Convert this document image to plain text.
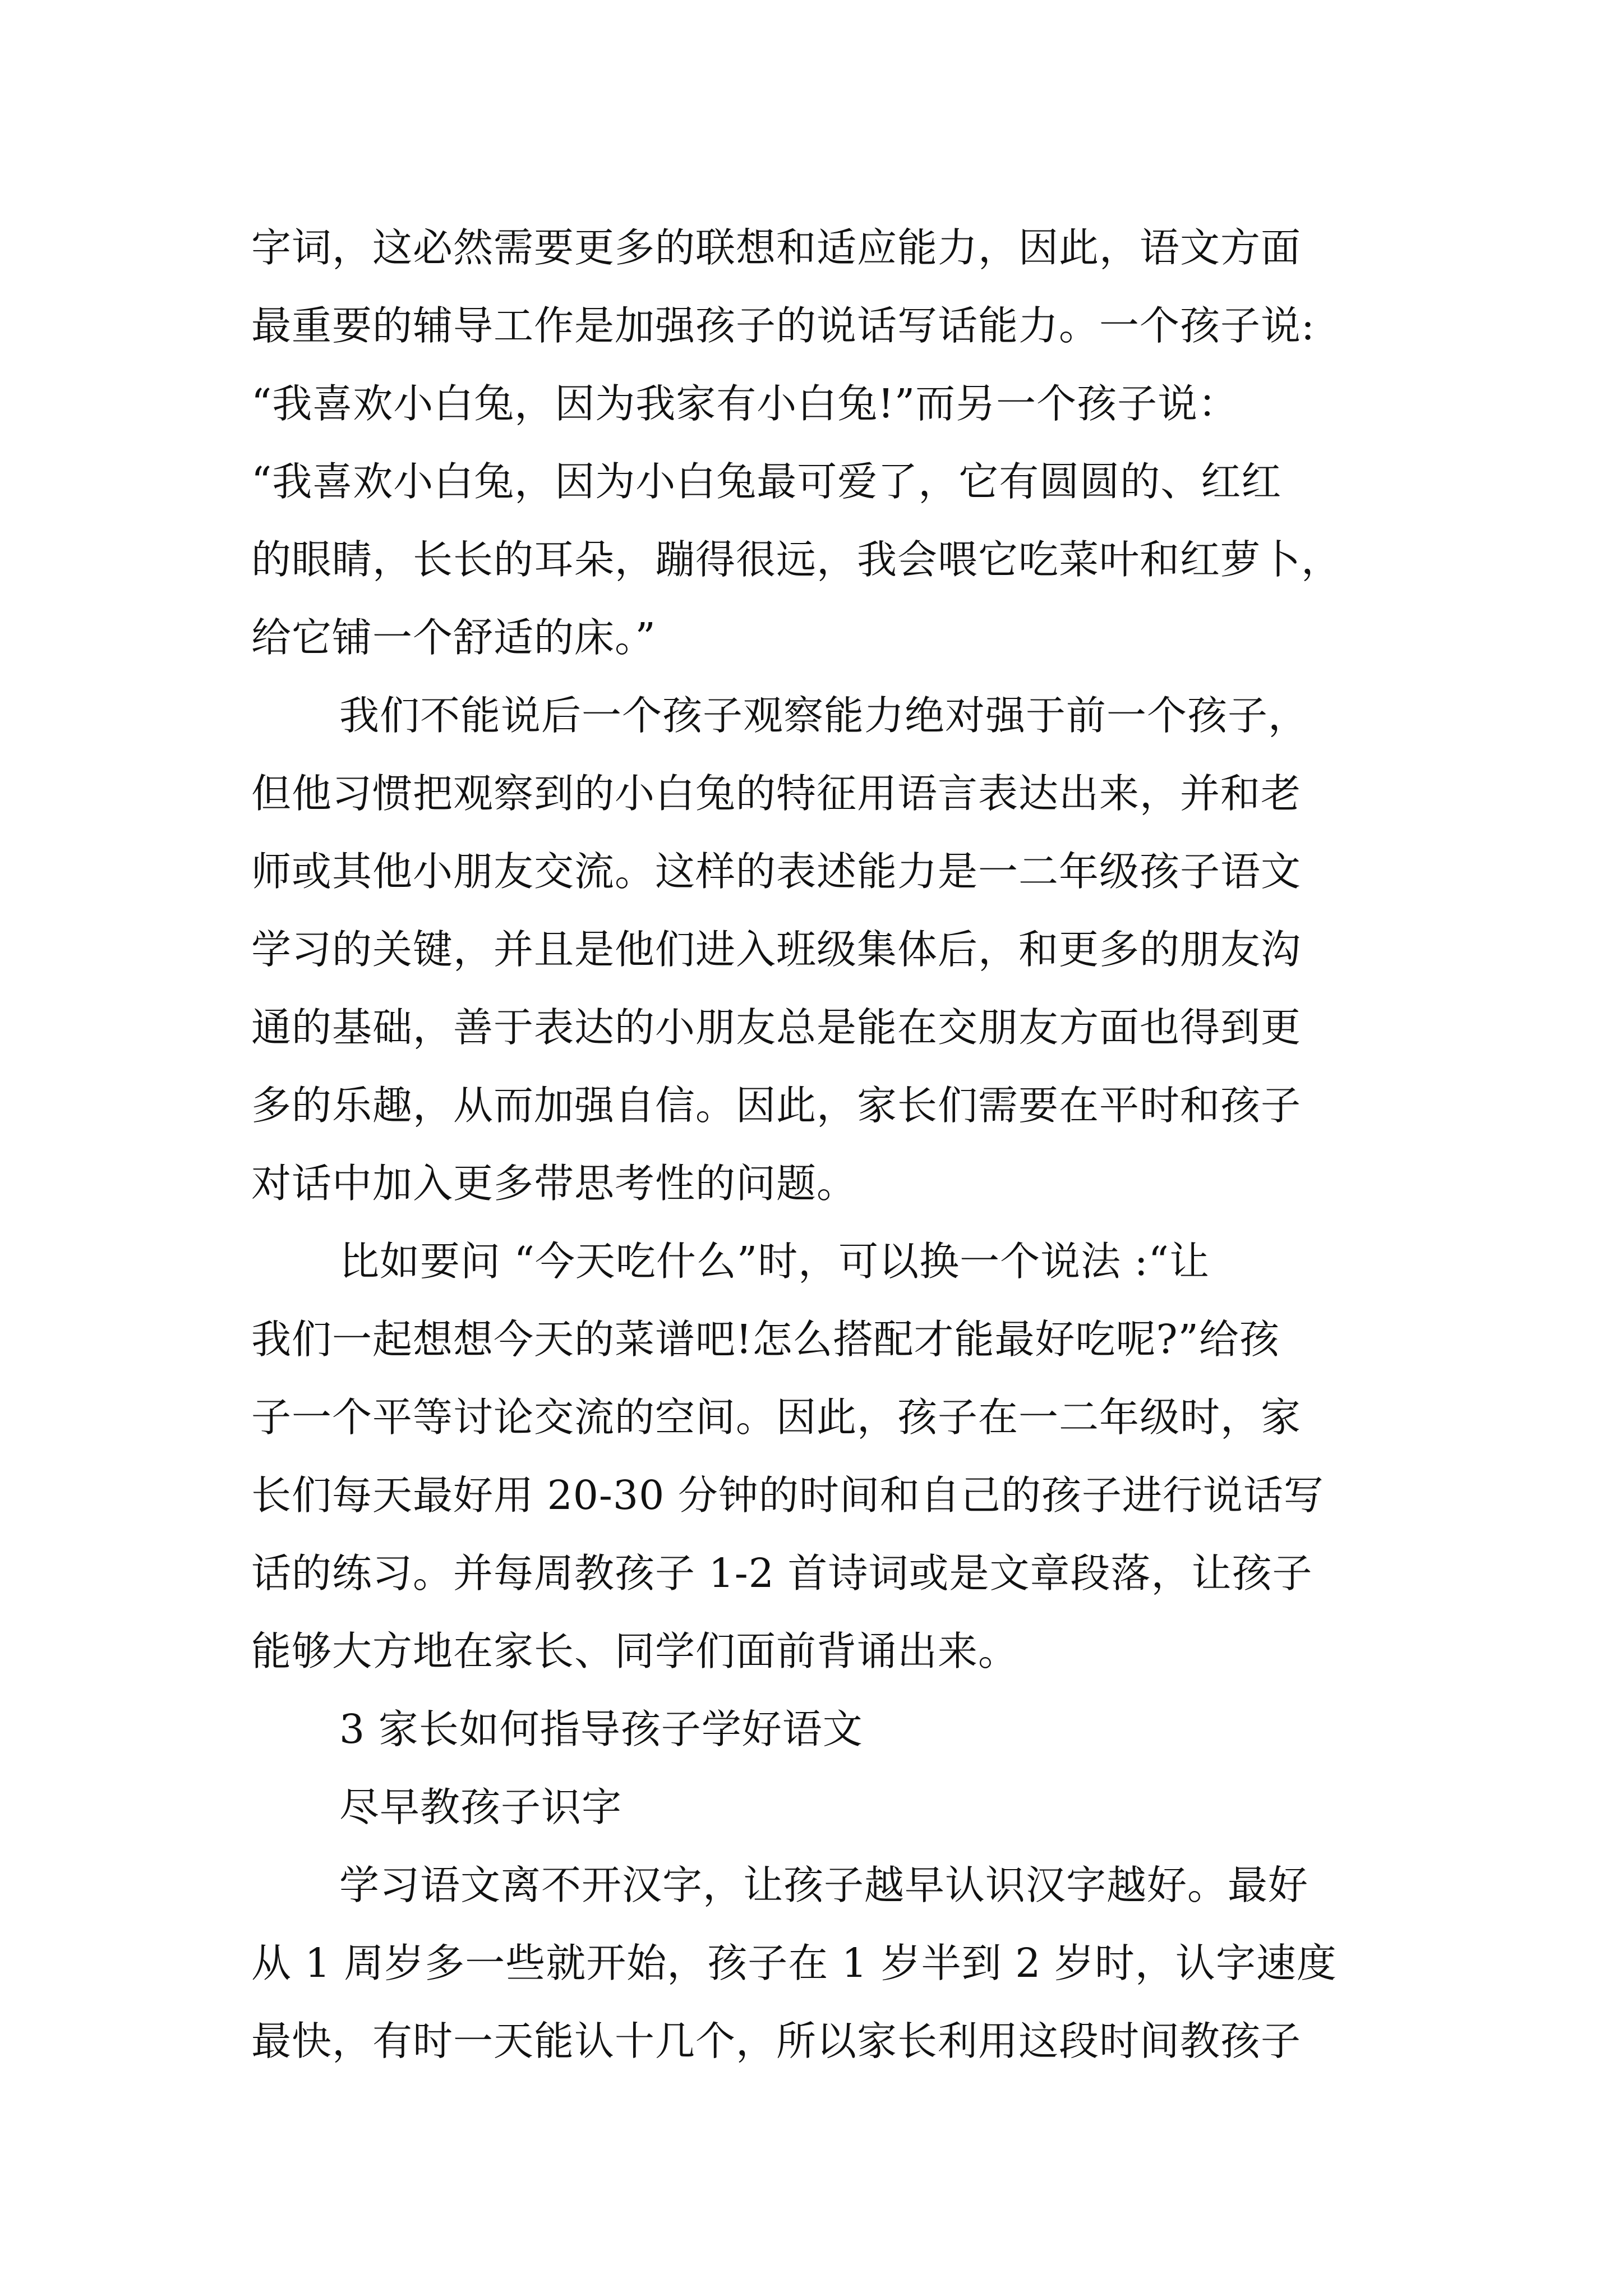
字词，这必然需要更多的联想和适应能力，因此，语文方面
最重要的辅导工作是加强孩子的说话写话能力。一个孩子说:
“我喜欢小白兔，因为我家有小白兔!”而另一个孩子说：
“我喜欢小白兔，因为小白兔最可爱了，它有圆圆的、红红
的眼睛，长长的耳朵，蹦得很远，我会喂它吃菜叶和红萝卜，
给它铺一个舒适的床。”
我们不能说后一个孩子观察能力绝对强于前一个孩子，
但他习惯把观察到的小白兔的特征用语言表达出来，并和老
师或其他小朋友交流。这样的表述能力是一二年级孩子语文
学习的关键，并且是他们进入班级集体后，和更多的朋友沟
通的基础，善于表达的小朋友总是能在交朋友方面也得到更
多的乐趣，从而加强自信。因此，家长们需要在平时和孩子
对话中加入更多带思考性的问题。
比如要问 “今天吃什么”时，可以换一个说法 :“让
我们一起想想今天的菜谱吧!怎么搭配才能最好吃呢?”给孩
子一个平等讨论交流的空间。因此，孩子在一二年级时，家
长们每天最好用 20-30 分钟的时间和自己的孩子进行说话写
话的练习。并每周教孩子 1-2 首诗词或是文章段落，让孩子
能够大方地在家长、同学们面前背诵出来。
3 家长如何指导孩子学好语文
尽早教孩子识字
学习语文离不开汉字，让孩子越早认识汉字越好。最好
从 1 周岁多一些就开始，孩子在 1 岁半到 2 岁时，认字速度
最快，有时一天能认十几个，所以家长利用这段时间教孩子
